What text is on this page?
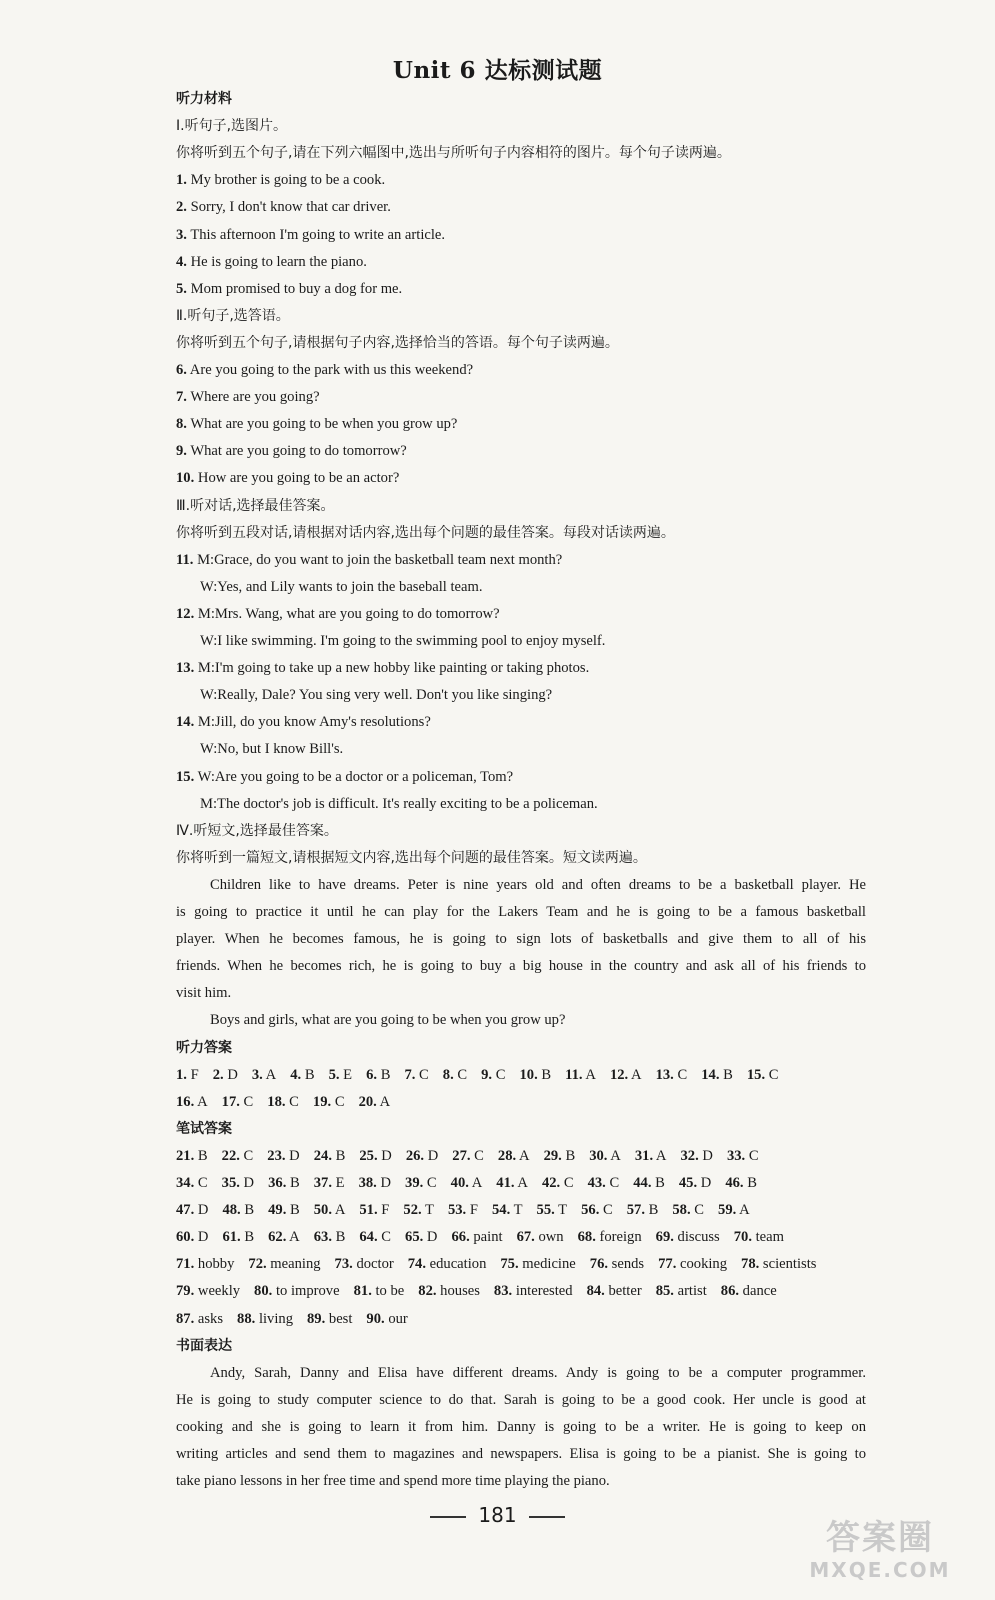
Unit 6 达标测试题
听力材料
Ⅰ.听句子,选图片。
你将听到五个句子,请在下列六幅图中,选出与所听句子内容相符的图片。每个句子读两遍。
1. My brother is going to be a cook.
2. Sorry, I don't know that car driver.
3. This afternoon I'm going to write an article.
4. He is going to learn the piano.
5. Mom promised to buy a dog for me.
Ⅱ.听句子,选答语。
你将听到五个句子,请根据句子内容,选择恰当的答语。每个句子读两遍。
6. Are you going to the park with us this weekend?
7. Where are you going?
8. What are you going to be when you grow up?
9. What are you going to do tomorrow?
10. How are you going to be an actor?
Ⅲ.听对话,选择最佳答案。
你将听到五段对话,请根据对话内容,选出每个问题的最佳答案。每段对话读两遍。
11. M:Grace, do you want to join the basketball team next month?
W:Yes, and Lily wants to join the baseball team.
12. M:Mrs. Wang, what are you going to do tomorrow?
W:I like swimming. I'm going to the swimming pool to enjoy myself.
13. M:I'm going to take up a new hobby like painting or taking photos.
W:Really, Dale? You sing very well. Don't you like singing?
14. M:Jill, do you know Amy's resolutions?
W:No, but I know Bill's.
15. W:Are you going to be a doctor or a policeman, Tom?
M:The doctor's job is difficult. It's really exciting to be a policeman.
Ⅳ.听短文,选择最佳答案。
你将听到一篇短文,请根据短文内容,选出每个问题的最佳答案。短文读两遍。
Children like to have dreams. Peter is nine years old and often dreams to be a basketball player. He
is going to practice it until he can play for the Lakers Team and he is going to be a famous basketball
player. When he becomes famous, he is going to sign lots of basketballs and give them to all of his
friends. When he becomes rich, he is going to buy a big house in the country and ask all of his friends to
visit him.
Boys and girls, what are you going to be when you grow up?
听力答案
1. F 2. D 3. A 4. B 5. E 6. B 7. C 8. C 9. C 10. B 11. A 12. A 13. C 14. B 15. C
16. A 17. C 18. C 19. C 20. A
笔试答案
21. B 22. C 23. D 24. B 25. D 26. D 27. C 28. A 29. B 30. A 31. A 32. D 33. C
34. C 35. D 36. B 37. E 38. D 39. C 40. A 41. A 42. C 43. C 44. B 45. D 46. B
47. D 48. B 49. B 50. A 51. F 52. T 53. F 54. T 55. T 56. C 57. B 58. C 59. A
60. D 61. B 62. A 63. B 64. C 65. D 66. paint 67. own 68. foreign 69. discuss 70. team
71. hobby 72. meaning 73. doctor 74. education 75. medicine 76. sends 77. cooking 78. scientists
79. weekly 80. to improve 81. to be 82. houses 83. interested 84. better 85. artist 86. dance
87. asks 88. living 89. best 90. our
书面表达
Andy, Sarah, Danny and Elisa have different dreams. Andy is going to be a computer programmer.
He is going to study computer science to do that. Sarah is going to be a good cook. Her uncle is good at
cooking and she is going to learn it from him. Danny is going to be a writer. He is going to keep on
writing articles and send them to magazines and newspapers. Elisa is going to be a pianist. She is going to
take piano lessons in her free time and spend more time playing the piano.
181
答案圈
MXQE.COM
